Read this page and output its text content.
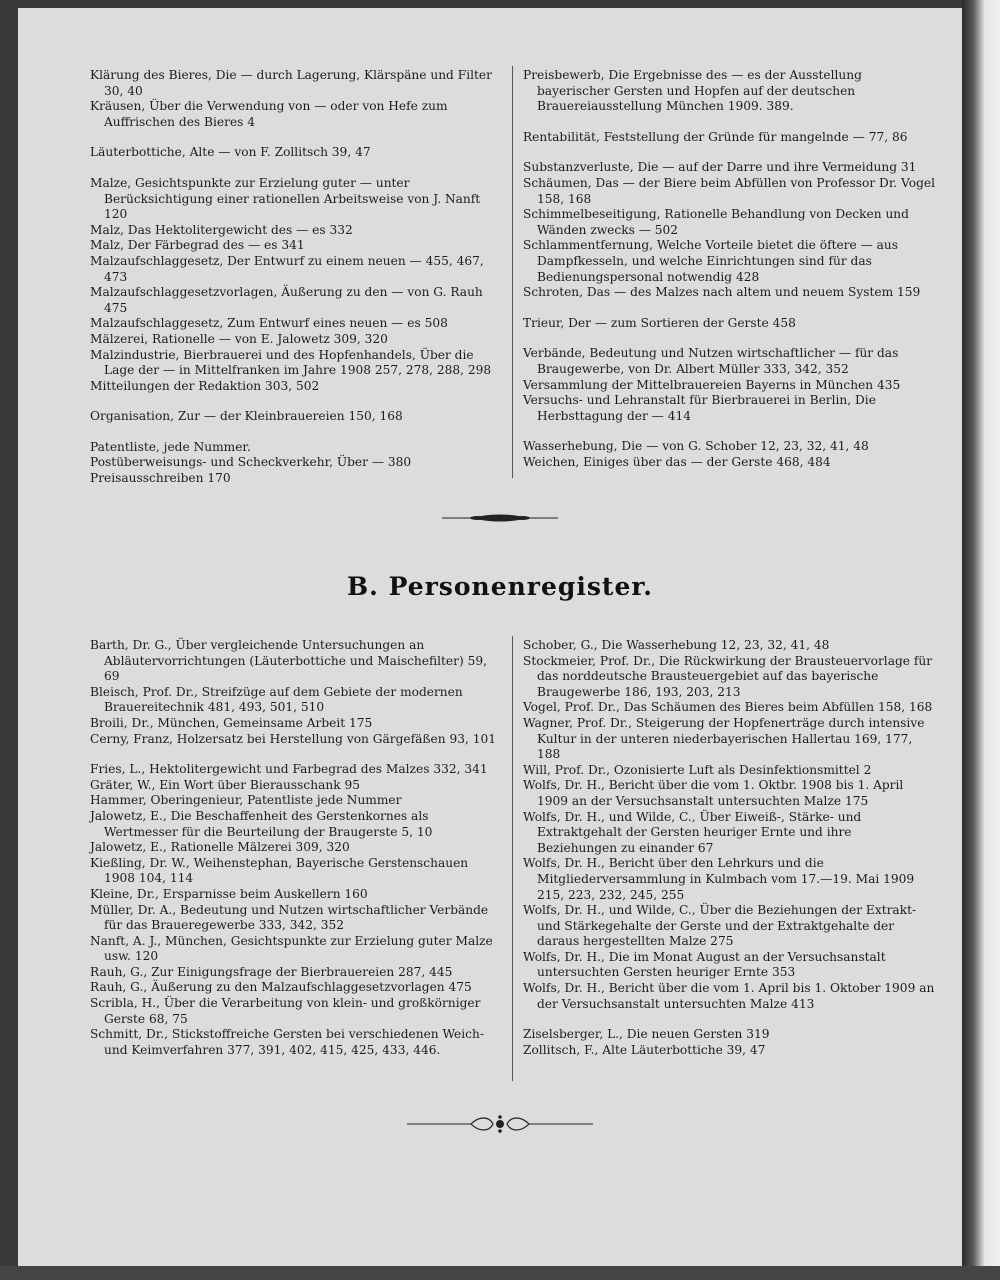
Klärung des Bieres, Die — durch Lagerung, Klärspäne und Filter 30, 40

Kräusen, Über die Verwendung von — oder von Hefe zum Auffrischen des Bieres 4

Läuterbottiche, Alte — von F. Zollitsch 39, 47

Malze, Gesichtspunkte zur Erzielung guter — unter Berücksichtigung einer rationellen Arbeitsweise von J. Nanft 120

Malz, Das Hektolitergewicht des — es 332

Malz, Der Färbegrad des — es 341

Malzaufschlaggesetz, Der Entwurf zu einem neuen — 455, 467, 473

Malzaufschlaggesetzvorlagen, Äußerung zu den — von G. Rauh 475

Malzaufschlaggesetz, Zum Entwurf eines neuen — es 508

Mälzerei, Rationelle — von E. Jalowetz 309, 320

Malzindustrie, Bierbrauerei und des Hopfenhandels, Über die Lage der — in Mittelfranken im Jahre 1908 257, 278, 288, 298

Mitteilungen der Redaktion 303, 502

Organisation, Zur — der Kleinbrauereien 150, 168

Patentliste, jede Nummer.

Postüberweisungs- und Scheckverkehr, Über — 380

Preisausschreiben 170

Preisbewerb, Die Ergebnisse des — es der Ausstellung bayerischer Gersten und Hopfen auf der deutschen Brauereiausstellung München 1909. 389.

Rentabilität, Feststellung der Gründe für mangelnde — 77, 86

Substanzverluste, Die — auf der Darre und ihre Vermeidung 31

Schäumen, Das — der Biere beim Abfüllen von Professor Dr. Vogel 158, 168

Schimmelbeseitigung, Rationelle Behandlung von Decken und Wänden zwecks — 502

Schlammentfernung, Welche Vorteile bietet die öftere — aus Dampfkesseln, und welche Einrichtungen sind für das Bedienungspersonal notwendig 428

Schroten, Das — des Malzes nach altem und neuem System 159

Trieur, Der — zum Sortieren der Gerste 458

Verbände, Bedeutung und Nutzen wirtschaftlicher — für das Braugewerbe, von Dr. Albert Müller 333, 342, 352

Versammlung der Mittelbrauereien Bayerns in München 435

Versuchs- und Lehranstalt für Bierbrauerei in Berlin, Die Herbsttagung der — 414

Wasserhebung, Die — von G. Schober 12, 23, 32, 41, 48

Weichen, Einiges über das — der Gerste 468, 484

B. Personenregister.

Barth, Dr. G., Über vergleichende Untersuchungen an Abläutervorrichtungen (Läuterbottiche und Maischefilter) 59, 69

Bleisch, Prof. Dr., Streifzüge auf dem Gebiete der modernen Brauereitechnik 481, 493, 501, 510

Broili, Dr., München, Gemeinsame Arbeit 175

Cerny, Franz, Holzersatz bei Herstellung von Gärgefäßen 93, 101

Fries, L., Hektolitergewicht und Farbegrad des Malzes 332, 341

Gräter, W., Ein Wort über Bierausschank 95

Hammer, Oberingenieur, Patentliste jede Nummer

Jalowetz, E., Die Beschaffenheit des Gerstenkornes als Wertmesser für die Beurteilung der Braugerste 5, 10

Jalowetz, E., Rationelle Mälzerei 309, 320

Kießling, Dr. W., Weihenstephan, Bayerische Gerstenschauen 1908 104, 114

Kleine, Dr., Ersparnisse beim Auskellern 160

Müller, Dr. A., Bedeutung und Nutzen wirtschaftlicher Verbände für das Braueregewerbe 333, 342, 352

Nanft, A. J., München, Gesichtspunkte zur Erzielung guter Malze usw. 120

Rauh, G., Zur Einigungsfrage der Bierbrauereien 287, 445

Rauh, G., Äußerung zu den Malzaufschlaggesetzvorlagen 475

Scribla, H., Über die Verarbeitung von klein- und großkörniger Gerste 68, 75

Schmitt, Dr., Stickstoffreiche Gersten bei verschiedenen Weich- und Keimverfahren 377, 391, 402, 415, 425, 433, 446.

Schober, G., Die Wasserhebung 12, 23, 32, 41, 48

Stockmeier, Prof. Dr., Die Rückwirkung der Brausteuervorlage für das norddeutsche Brausteuergebiet auf das bayerische Braugewerbe 186, 193, 203, 213

Vogel, Prof. Dr., Das Schäumen des Bieres beim Abfüllen 158, 168

Wagner, Prof. Dr., Steigerung der Hopfenerträge durch intensive Kultur in der unteren niederbayerischen Hallertau 169, 177, 188

Will, Prof. Dr., Ozonisierte Luft als Desinfektionsmittel 2

Wolfs, Dr. H., Bericht über die vom 1. Oktbr. 1908 bis 1. April 1909 an der Versuchsanstalt untersuchten Malze 175

Wolfs, Dr. H., und Wilde, C., Über Eiweiß-, Stärke- und Extraktgehalt der Gersten heuriger Ernte und ihre Beziehungen zu einander 67

Wolfs, Dr. H., Bericht über den Lehrkurs und die Mitgliederversammlung in Kulmbach vom 17.—19. Mai 1909 215, 223, 232, 245, 255

Wolfs, Dr. H., und Wilde, C., Über die Beziehungen der Extrakt- und Stärkegehalte der Gerste und der Extraktgehalte der daraus hergestellten Malze 275

Wolfs, Dr. H., Die im Monat August an der Versuchsanstalt untersuchten Gersten heuriger Ernte 353

Wolfs, Dr. H., Bericht über die vom 1. April bis 1. Oktober 1909 an der Versuchsanstalt untersuchten Malze 413

Ziselsberger, L., Die neuen Gersten 319

Zollitsch, F., Alte Läuterbottiche 39, 47
